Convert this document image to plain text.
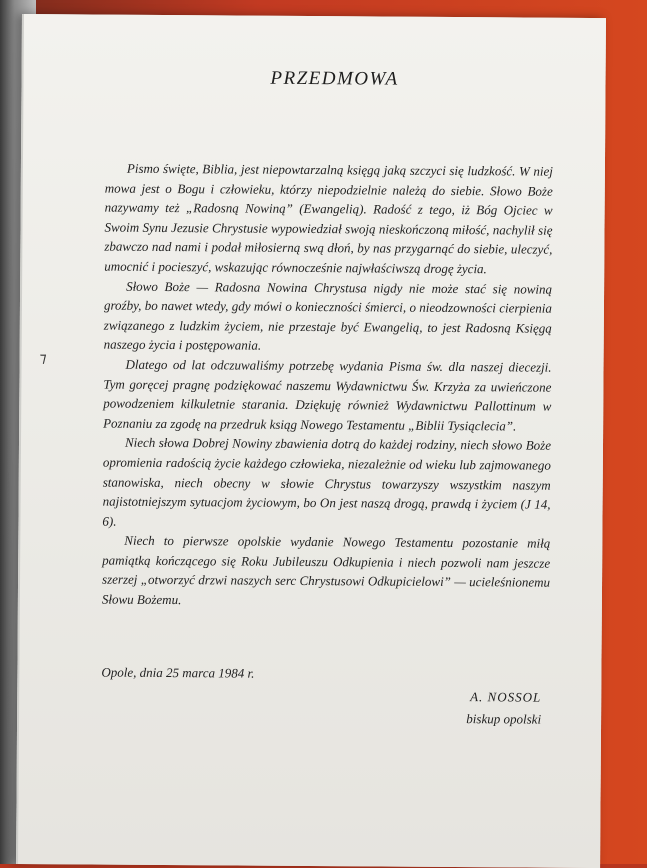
⁊
PRZEDMOWA

Pismo święte, Biblia, jest niepowtarzalną księgą jaką szczyci się ludzkość. W niej mowa jest o Bogu i człowieku, którzy niepodzielnie należą do siebie. Słowo Boże nazywamy też „Radosną Nowiną” (Ewangelią). Radość z tego, iż Bóg Ojciec w Swoim Synu Jezusie Chrystusie wypowiedział swoją nieskończoną miłość, nachylił się zbawczo nad nami i podał miłosierną swą dłoń, by nas przygarnąć do siebie, uleczyć, umocnić i pocieszyć, wskazując równocześnie najwłaściwszą drogę życia.

Słowo Boże — Radosna Nowina Chrystusa nigdy nie może stać się nowiną groźby, bo nawet wtedy, gdy mówi o konieczności śmierci, o nieodzowności cierpienia związanego z ludzkim życiem, nie przestaje być Ewangelią, to jest Radosną Księgą naszego życia i postępowania.

Dlatego od lat odczuwaliśmy potrzebę wydania Pisma św. dla naszej diecezji. Tym goręcej pragnę podziękować naszemu Wydawnictwu Św. Krzyża za uwieńczone powodzeniem kilkuletnie starania. Dziękuję również Wydawnictwu Pallottinum w Poznaniu za zgodę na przedruk ksiąg Nowego Testamentu „Biblii Tysiąclecia”.

Niech słowa Dobrej Nowiny zbawienia dotrą do każdej rodziny, niech słowo Boże opromienia radością życie każdego człowieka, niezależnie od wieku lub zajmowanego stanowiska, niech obecny w słowie Chrystus towarzyszy wszystkim naszym najistotniejszym sytuacjom życiowym, bo On jest naszą drogą, prawdą i życiem (J 14, 6).

Niech to pierwsze opolskie wydanie Nowego Testamentu pozostanie miłą pamiątką kończącego się Roku Jubileuszu Odkupienia i niech pozwoli nam jeszcze szerzej „otworzyć drzwi naszych serc Chrystusowi Odkupicielowi” — ucieleśnionemu Słowu Bożemu.

Opole, dnia 25 marca 1984 r.
A. NOSSOL
biskup opolski
